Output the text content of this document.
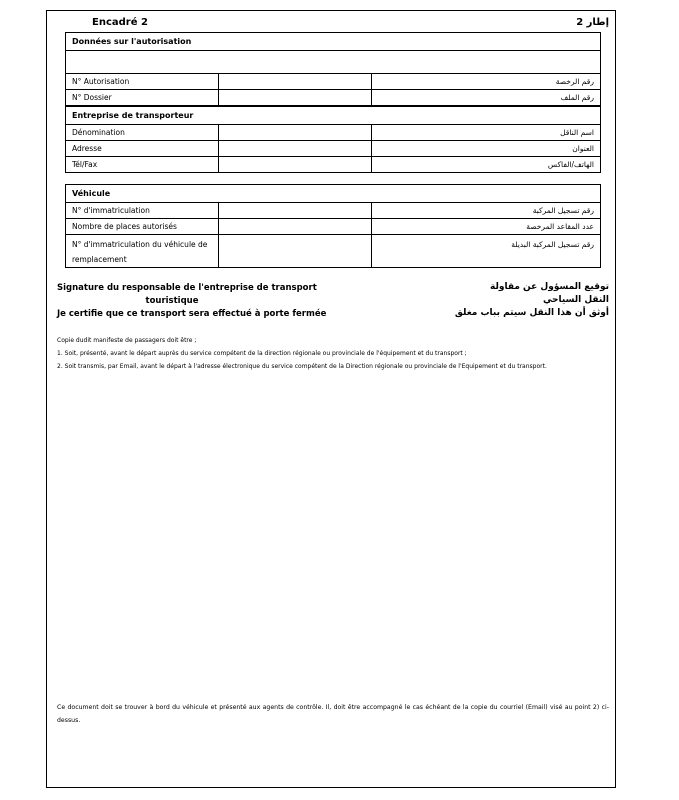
Encadré 2	إطار 2
Données sur l'autorisation
N° Autorisation		رقم الرخصة
N° Dossier		رقم الملف
Entreprise de transporteur
Dénomination		اسم الناقل
Adresse		العنوان
Tél/Fax		الهاتف/الفاكس
Véhicule
N° d'immatriculation		رقم تسجيل المركبة
Nombre de places autorisés		عدد المقاعد المرخصة
N° d'immatriculation du véhicule de remplacement		رقم تسجيل المركبة البديلة
Signature du responsable de l'entreprise de transport
touristique
Je certifie que ce transport sera effectué à porte fermée
توقيع المسؤول عن مقاولة
النقل السياحي
أوثق أن هذا النقل سيتم بباب مغلق
Copie dudit manifeste de passagers doit être ;
1. Soit, présenté, avant le départ auprès du service compétent de la direction régionale ou provinciale de l'équipement et du transport ;
2. Soit transmis, par Email, avant le départ à l'adresse électronique du service compétent de la Direction régionale ou provinciale de l'Equipement et du transport.
Ce document doit se trouver à bord du véhicule et présenté aux agents de contrôle. Il, doit être accompagné le cas échéant de la copie du courriel (Email) visé au point 2) ci-dessus.
